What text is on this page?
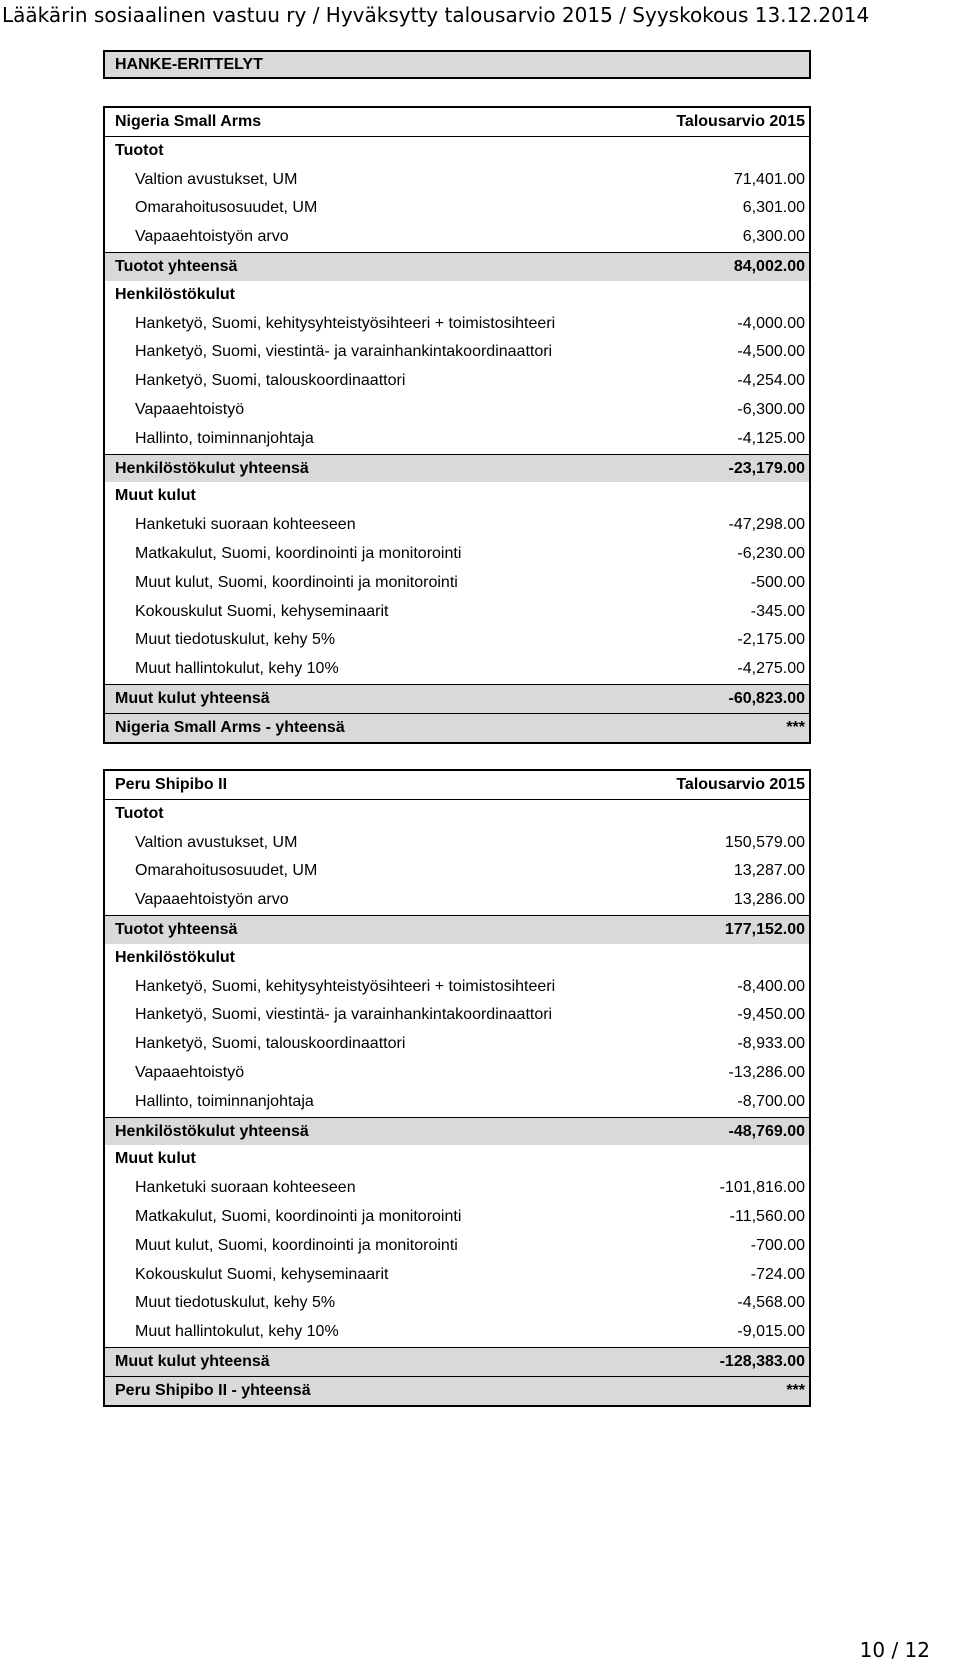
Lääkärin sosiaalinen vastuu ry / Hyväksytty talousarvio 2015 / Syyskokous 13.12.2014
HANKE-ERITTELYT
Nigeria Small Arms	Talousarvio 2015
Tuotot
Valtion avustukset, UM	71,401.00
Omarahoitusosuudet, UM	6,301.00
Vapaaehtoistyön arvo	6,300.00
Tuotot yhteensä	84,002.00
Henkilöstökulut
Hanketyö, Suomi, kehitysyhteistyösihteeri + toimistosihteeri	-4,000.00
Hanketyö, Suomi, viestintä- ja varainhankintakoordinaattori	-4,500.00
Hanketyö, Suomi, talouskoordinaattori	-4,254.00
Vapaaehtoistyö	-6,300.00
Hallinto, toiminnanjohtaja	-4,125.00
Henkilöstökulut yhteensä	-23,179.00
Muut kulut
Hanketuki suoraan kohteeseen	-47,298.00
Matkakulut, Suomi, koordinointi ja monitorointi	-6,230.00
Muut kulut, Suomi, koordinointi ja monitorointi	-500.00
Kokouskulut Suomi, kehyseminaarit	-345.00
Muut tiedotuskulut, kehy 5%	-2,175.00
Muut hallintokulut, kehy 10%	-4,275.00
Muut kulut yhteensä	-60,823.00
Nigeria Small Arms - yhteensä	***
Peru Shipibo II	Talousarvio 2015
Tuotot
Valtion avustukset, UM	150,579.00
Omarahoitusosuudet, UM	13,287.00
Vapaaehtoistyön arvo	13,286.00
Tuotot yhteensä	177,152.00
Henkilöstökulut
Hanketyö, Suomi, kehitysyhteistyösihteeri + toimistosihteeri	-8,400.00
Hanketyö, Suomi, viestintä- ja varainhankintakoordinaattori	-9,450.00
Hanketyö, Suomi, talouskoordinaattori	-8,933.00
Vapaaehtoistyö	-13,286.00
Hallinto, toiminnanjohtaja	-8,700.00
Henkilöstökulut yhteensä	-48,769.00
Muut kulut
Hanketuki suoraan kohteeseen	-101,816.00
Matkakulut, Suomi, koordinointi ja monitorointi	-11,560.00
Muut kulut, Suomi, koordinointi ja monitorointi	-700.00
Kokouskulut Suomi, kehyseminaarit	-724.00
Muut tiedotuskulut, kehy 5%	-4,568.00
Muut hallintokulut, kehy 10%	-9,015.00
Muut kulut yhteensä	-128,383.00
Peru Shipibo II - yhteensä	***
10 / 12
